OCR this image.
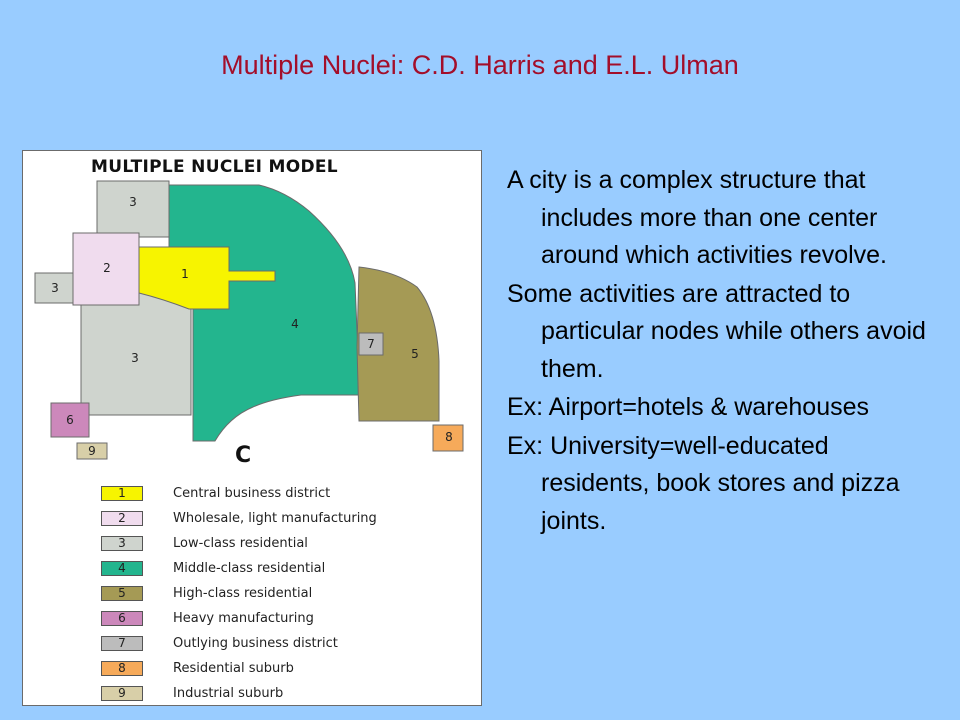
Multiple Nuclei: C.D. Harris and E.L. Ulman
MULTIPLE NUCLEI MODEL
3
2	1
3
4
3
7
5
6
8
9	C
1	Central business district
2	Wholesale, light manufacturing
3	Low-class residential
4	Middle-class residential
5	High-class residential
6	Heavy manufacturing
7	Outlying business district
8	Residential suburb
9	Industrial suburb
A city is a complex structure that includes more than one center around which activities revolve.
Some activities are attracted to particular nodes while others avoid them.
Ex: Airport=hotels & warehouses
Ex: University=well-educated residents, book stores and pizza joints.
